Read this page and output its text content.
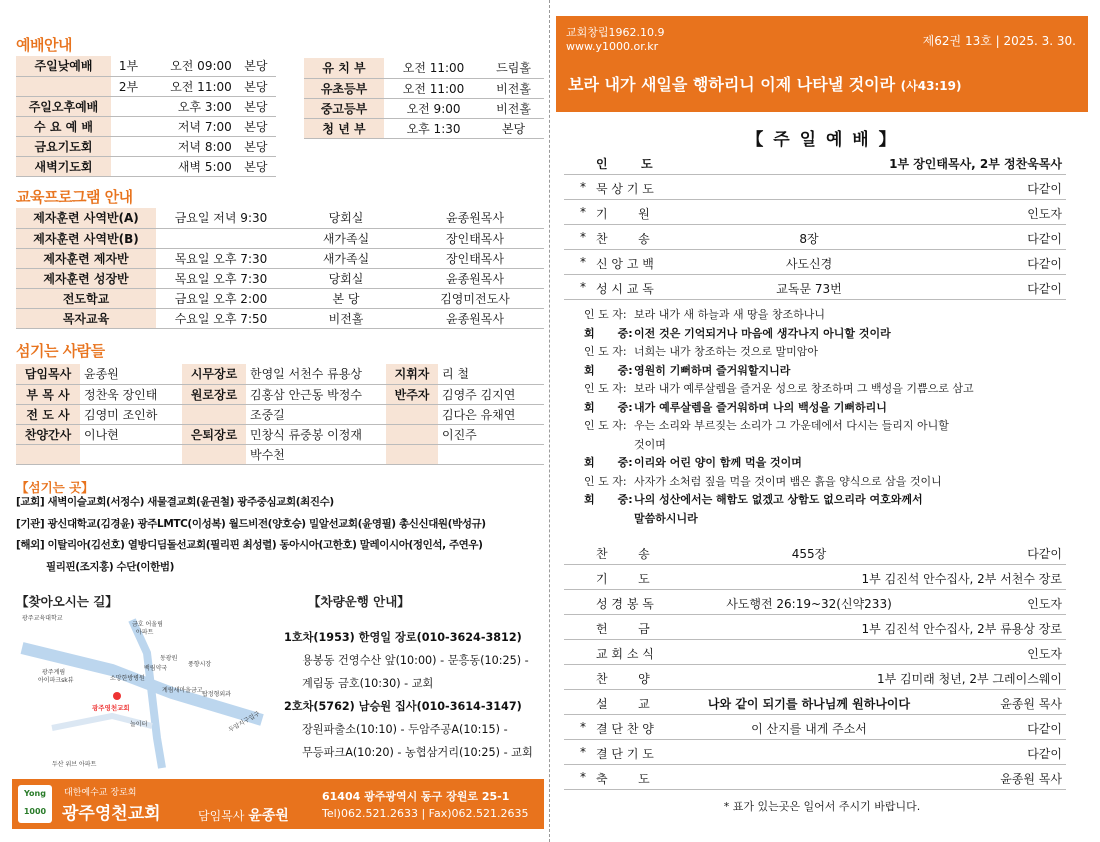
예배안내
주일낮예배	1부	오전 09:00	본당
	2부	오전 11:00	본당
주일오후예배		오후 3:00	본당
수 요 예 배		저녁 7:00	본당
금요기도회		저녁 8:00	본당
새벽기도회		새벽 5:00	본당
유 치 부	오전 11:00	드림홀
유초등부	오전 11:00	비전홀
중고등부	오전 9:00	비전홀
청 년 부	오후 1:30	본당
교육프로그램 안내
제자훈련 사역반(A)	금요일 저녁 9:30	당회실	윤종원목사
제자훈련 사역반(B)		새가족실	장인태목사
제자훈련 제자반	목요일 오후 7:30	새가족실	장인태목사
제자훈련 성장반	목요일 오후 7:30	당회실	윤종원목사
전도학교	금요일 오후 2:00	본 당	김영미전도사
목자교육	수요일 오후 7:50	비전홀	윤종원목사
섬기는 사람들
담임목사	윤종원	시무장로	한영일 서천수 류용상	지휘자	리 철
부 목 사	정찬욱 장인태	원로장로	김홍삼 안근동 박정수	반주자	김영주 김지연
전 도 사	김영미 조인하		조중길		김다은 유채연
찬양간사	이나현	은퇴장로	민창식 류중봉 이정재		이진주
			박수천		
【섬기는 곳】
[교회] 새벽이슬교회(서정수) 새물결교회(윤권철) 광주중심교회(최진수)
[기관] 광신대학교(김경윤) 광주LMTC(이성복) 월드비전(양호승) 밀알선교회(윤영필) 총신신대원(박성규)
[해외] 이탈리아(김선호) 열방디딤돌선교회(필리핀 최성렬) 동아시아(고한호) 말레이시아(정인석, 주연우)
필리핀(조지홍) 수단(이한범)
【찾아오시는 길】	【차량운행 안내】
광주교육대학교
금호 어울림
아파트
동광원
백림약국
풍향시장
소망한방병원
계림새마을금고
탑정형외과
광주계림
아이파크sk뷰
광주영천교회
놀이터	두암지구입구
두산 위브 아파트
1호차(1953) 한영일 장로(010-3624-3812)
용봉동 건영수산 앞(10:00) - 문흥동(10:25) -
계림동 금호(10:30) - 교회
2호차(5762) 남승원 집사(010-3614-3147)
장원파출소(10:10) - 두암주공A(10:15) -
무등파크A(10:20) - 농협삼거리(10:25) - 교회
Yong
1000
대한예수교 장로회
광주영천교회	담임목사 윤종원
61404 광주광역시 동구 장원로 25-1
Tel)062.521.2633 | Fax)062.521.2635
교회창립1962.10.9
www.y1000.or.kr	제62권 13호 | 2025. 3. 30.
보라 내가 새일을 행하리니 이제 나타낼 것이라 (사43:19)
【 주 일 예 배 】
인        도	1부 장인태목사, 2부 정찬욱목사
* 묵 상 기 도	다같이
* 기        원	인도자
* 찬        송	8장	다같이
* 신 앙 고 백	사도신경	다같이
* 성 시 교 독	교독문 73번	다같이
인 도 자: 보라 내가 새 하늘과 새 땅을 창조하나니
회      중:이전 것은 기억되거나 마음에 생각나지 아니할 것이라
인 도 자: 너희는 내가 창조하는 것으로 말미암아
회      중:영원히 기뻐하며 즐거워할지니라
인 도 자: 보라 내가 예루살렘을 즐거운 성으로 창조하며 그 백성을 기쁨으로 삼고
회      중:내가 예루살렘을 즐거워하며 나의 백성을 기뻐하리니
인 도 자: 우는 소리와 부르짖는 소리가 그 가운데에서 다시는 들리지 아니할
것이며
회      중:이리와 어린 양이 함께 먹을 것이며
인 도 자: 사자가 소처럼 짚을 먹을 것이며 뱀은 흙을 양식으로 삼을 것이니
회      중:나의 성산에서는 해함도 없겠고 상함도 없으리라 여호와께서
말씀하시니라
찬        송	455장	다같이
기        도	1부 김진석 안수집사, 2부 서천수 장로
성 경 봉 독	사도행전 26:19~32(신약233)	인도자
헌        금	1부 김진석 안수집사, 2부 류용상 장로
교 회 소 식	인도자
찬        양	1부 김미래 청년, 2부 그레이스웨이
설        교	나와 같이 되기를 하나님께 원하나이다	윤종원 목사
* 결 단 찬 양	이 산지를 내게 주소서	다같이
* 결 단 기 도	다같이
* 축        도	윤종원 목사
* 표가 있는곳은 일어서 주시기 바랍니다.
